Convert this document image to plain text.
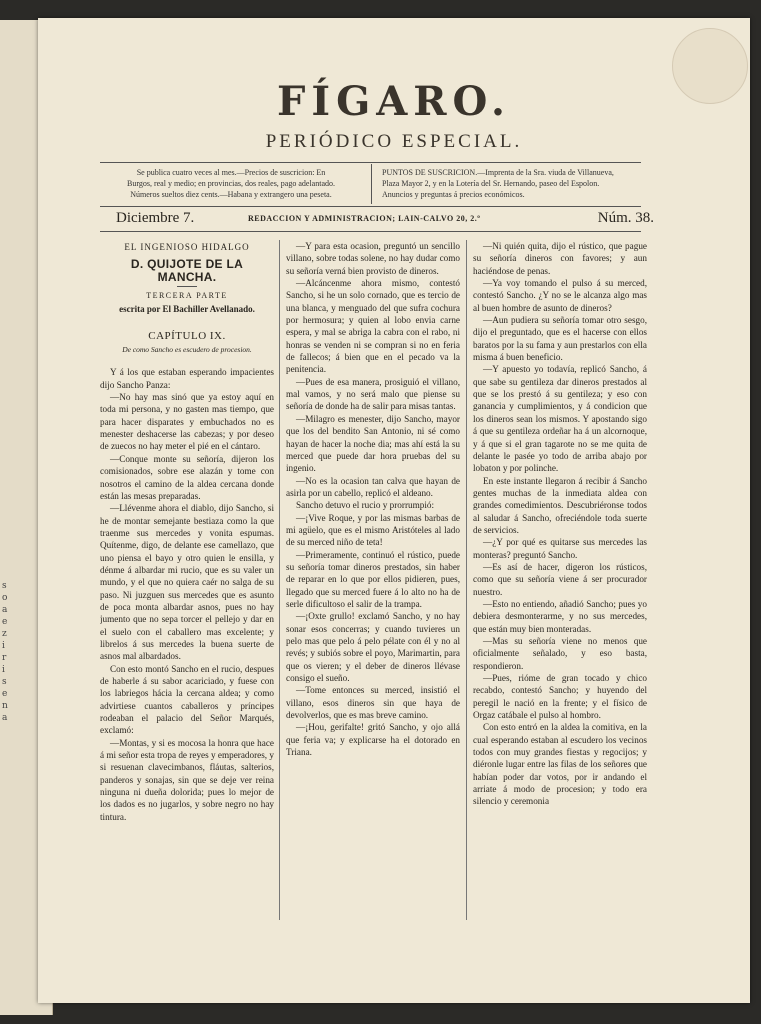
s
o
a
e
z
i
r
i
s
e
n
a
FÍGARO.
PERIÓDICO ESPECIAL.
Se publica cuatro veces al mes.—Precios de suscricion: En
Burgos, real y medio; en provincias, dos reales, pago adelantado.
Números sueltos diez cents.—Habana y extrangero una peseta.
PUNTOS DE SUSCRICION.—Imprenta de la Sra. viuda de Villanueva,
Plaza Mayor 2, y en la Lotería del Sr. Hernando, paseo del Espolon.
Anuncios y preguntas á precios económicos.
Diciembre 7.	REDACCION Y ADMINISTRACION; LAIN-CALVO 20, 2.º	Núm. 38.
EL INGENIOSO HIDALGO
D. QUIJOTE DE LA MANCHA.
TERCERA PARTE
escrita por El Bachiller Avellanado.
CAPÍTULO IX.
De como Sancho es escudero de procesion.

Y á los que estaban esperando impacientes dijo Sancho Panza:

—No hay mas sinó que ya estoy aquí en toda mi persona, y no gasten mas tiempo, que para hacer disparates y embuchados no es menester deshacerse las cabezas; y por deseo de zuecos no hay meter el pié en el cántaro.

—Conque monte su señoría, dijeron los comisionados, sobre ese alazán y tome con nosotros el camino de la aldea cercana donde están las mesas preparadas.

—Llévenme ahora el diablo, dijo Sancho, si he de montar semejante bestiaza como la que traenme sus mercedes y vonita espumas. Quítenme, digo, de delante ese camellazo, que uno piensa el bayo y otro quien le ensilla, y dénme á albardar mi rucio, que es su valer un mundo, y el que no quiera caér no salga de su paso. Ni juzguen sus mercedes que es asunto de poca monta albardar asnos, pues no hay jumento que no sepa torcer el pellejo y dar en el suelo con el caballero mas excelente; y librelos á sus mercedes la buena suerte de asnos mal albardados.

Con esto montó Sancho en el rucio, despues de haberle á su sabor acariciado, y fuese con los labriegos hácia la cercana aldea; y como advirtiese cuantos caballeros y príncipes rodeaban el palacio del Señor Marqués, exclamó:

—Montas, y si es mocosa la honra que hace á mi señor esta tropa de reyes y emperadores, y si resuenan clavecimbanos, fláutas, salterios, panderos y sonajas, sin que se deje ver reina ninguna ni dueña dolorida; pues lo mejor de los dados es no jugarlos, y sobre negro no hay tintura.

—Y para esta ocasion, preguntó un sencillo villano, sobre todas solene, no hay dudar como su señoría verná bien provisto de dineros.

—Alcáncenme ahora mismo, contestó Sancho, si he un solo cornado, que es tercio de una blanca, y menguado del que sufra cochura por hermosura; y quien al lobo envia carne espera, y mal se abriga la cabra con el rabo, ni honras se venden ni se compran si no en feria de fallecos; á bien que en el pecado va la penitencia.

—Pues de esa manera, prosiguió el villano, mal vamos, y no será malo que piense su señoría de donde ha de salir para misas tantas.

—Milagro es menester, dijo Sancho, mayor que los del bendito San Antonio, ni sé como hayan de hacer la noche dia; mas ahí está la su merced que puede dar hora pruebas del su ingenio.

—No es la ocasion tan calva que hayan de asirla por un cabello, replicó el aldeano.

Sancho detuvo el rucio y prorrumpió:

—¡Vive Roque, y por las mismas barbas de mi agüelo, que es el mismo Aristóteles al lado de su merced niño de teta!

—Primeramente, continuó el rústico, puede su señoría tomar dineros prestados, sin haber de reparar en lo que por ellos pidieren, pues, llegado que su merced fuere á lo alto no ha de serle dificultoso el salir de la trampa.

—¡Oxte grullo! exclamó Sancho, y no hay sonar esos concerras; y cuando tuvieres un pelo mas que pelo á pelo pélate con él y no al revés; y subiós sobre el poyo, Marimartin, para que os vieren; y el deber de dineros llévase consigo el sueño.

—Tome entonces su merced, insistió el villano, esos dineros sin que haya de devolverlos, que es mas breve camino.

—¡Hou, gerifalte! gritó Sancho, y ojo allá que feria va; y explicarse ha el dotorado en Triana.

—Ni quién quita, dijo el rústico, que pague su señoría dineros con favores; y aun haciéndose de penas.

—Ya voy tomando el pulso á su merced, contestó Sancho. ¿Y no se le alcanza algo mas al buen hombre de asunto de dineros?

—Aun pudiera su señoría tomar otro sesgo, dijo el preguntado, que es el hacerse con ellos baratos por la su fama y aun prestarlos con ella misma á buen beneficio.

—Y apuesto yo todavía, replicó Sancho, á que sabe su gentileza dar dineros prestados al que se los prestó á su gentileza; y eso con ganancia y cumplimientos, y á condicion que los dineros sean los mismos. Y apostando sigo á que su gentileza ordeñar ha á un alcornoque, y á que si el gran tagarote no se me quita de delante le pasée yo todo de arriba abajo por lobaton y por polinche.

En este instante llegaron á recibir á Sancho gentes muchas de la inmediata aldea con grandes comedimientos. Descubriéronse todos al saludar á Sancho, ofreciéndole toda suerte de servicios.

—¿Y por qué es quitarse sus mercedes las monteras? preguntó Sancho.

—Es así de hacer, digeron los rústicos, como que su señoría viene á ser procurador nuestro.

—Esto no entiendo, añadió Sancho; pues yo debiera desmonterarme, y no sus mercedes, que están muy bien monteradas.

—Mas su señoría viene no menos que oficialmente señalado, y eso basta, respondieron.

—Pues, rióme de gran tocado y chico recabdo, contestó Sancho; y huyendo del peregil le nació en la frente; y el físico de Orgaz catábale el pulso al hombro.

Con esto entró en la aldea la comitiva, en la cual esperando estaban al escudero los vecinos todos con muy grandes fiestas y regocijos; y diéronle lugar entre las filas de los señores que habían poder dar votos, por ir andando el arriate á modo de procesion; y todo era silencio y ceremonia
